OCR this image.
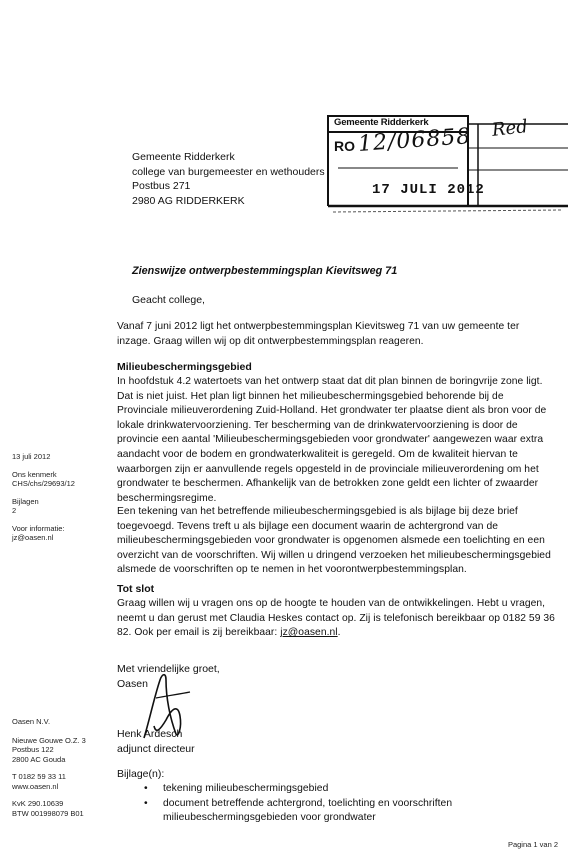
Gemeente Ridderkerk
college van burgemeester en wethouders
Postbus 271
2980 AG RIDDERKERK
Gemeente Ridderkerk
RO 12/06858
17 JULI 2012
Red
Zienswijze ontwerpbestemmingsplan Kievitsweg 71
Geacht college,
Vanaf 7 juni 2012 ligt het ontwerpbestemmingsplan Kievitsweg 71 van uw gemeente ter
inzage. Graag willen wij op dit ontwerpbestemmingsplan reageren.
Milieubeschermingsgebied
In hoofdstuk 4.2 watertoets van het ontwerp staat dat dit plan binnen de boringvrije zone ligt.
Dat is niet juist. Het plan ligt binnen het milieubeschermingsgebied behorende bij de
Provinciale milieuverordening Zuid-Holland. Het grondwater ter plaatse dient als bron voor de
lokale drinkwatervoorziening. Ter bescherming van de drinkwatervoorziening is door de
provincie een aantal 'Milieubeschermingsgebieden voor grondwater' aangewezen waar extra
aandacht voor de bodem en grondwaterkwaliteit is geregeld. Om de kwaliteit hiervan te
waarborgen zijn er aanvullende regels opgesteld in de provinciale milieuverordening om het
grondwater te beschermen. Afhankelijk van de betrokken zone geldt een lichter of zwaarder
beschermingsregime.
Een tekening van het betreffende milieubeschermingsgebied is als bijlage bij deze brief
toegevoegd. Tevens treft u als bijlage een document waarin de achtergrond van de
milieubeschermingsgebieden voor grondwater is opgenomen alsmede een toelichting en een
overzicht van de voorschriften. Wij willen u dringend verzoeken het milieubeschermingsgebied
alsmede de voorschriften op te nemen in het voorontwerpbestemmingsplan.
Tot slot
Graag willen wij u vragen ons op de hoogte te houden van de ontwikkelingen. Hebt u vragen,
neemt u dan gerust met Claudia Heskes contact op. Zij is telefonisch bereikbaar op 0182 59 36
82. Ook per email is zij bereikbaar: jz@oasen.nl.
Met vriendelijke groet,
Oasen
Henk Ardesch
adjunct directeur
Bijlage(n):
• tekening milieubeschermingsgebied
• document betreffende achtergrond, toelichting en voorschriften
milieubeschermingsgebieden voor grondwater
13 juli 2012
Ons kenmerk
CHS/chs/29693/12
Bijlagen
2
Voor informatie:
jz@oasen.nl
Oasen N.V.
Nieuwe Gouwe O.Z. 3
Postbus 122
2800 AC Gouda
T 0182 59 33 11
www.oasen.nl
KvK 290.10639
BTW 001998079 B01
Pagina 1 van 2
